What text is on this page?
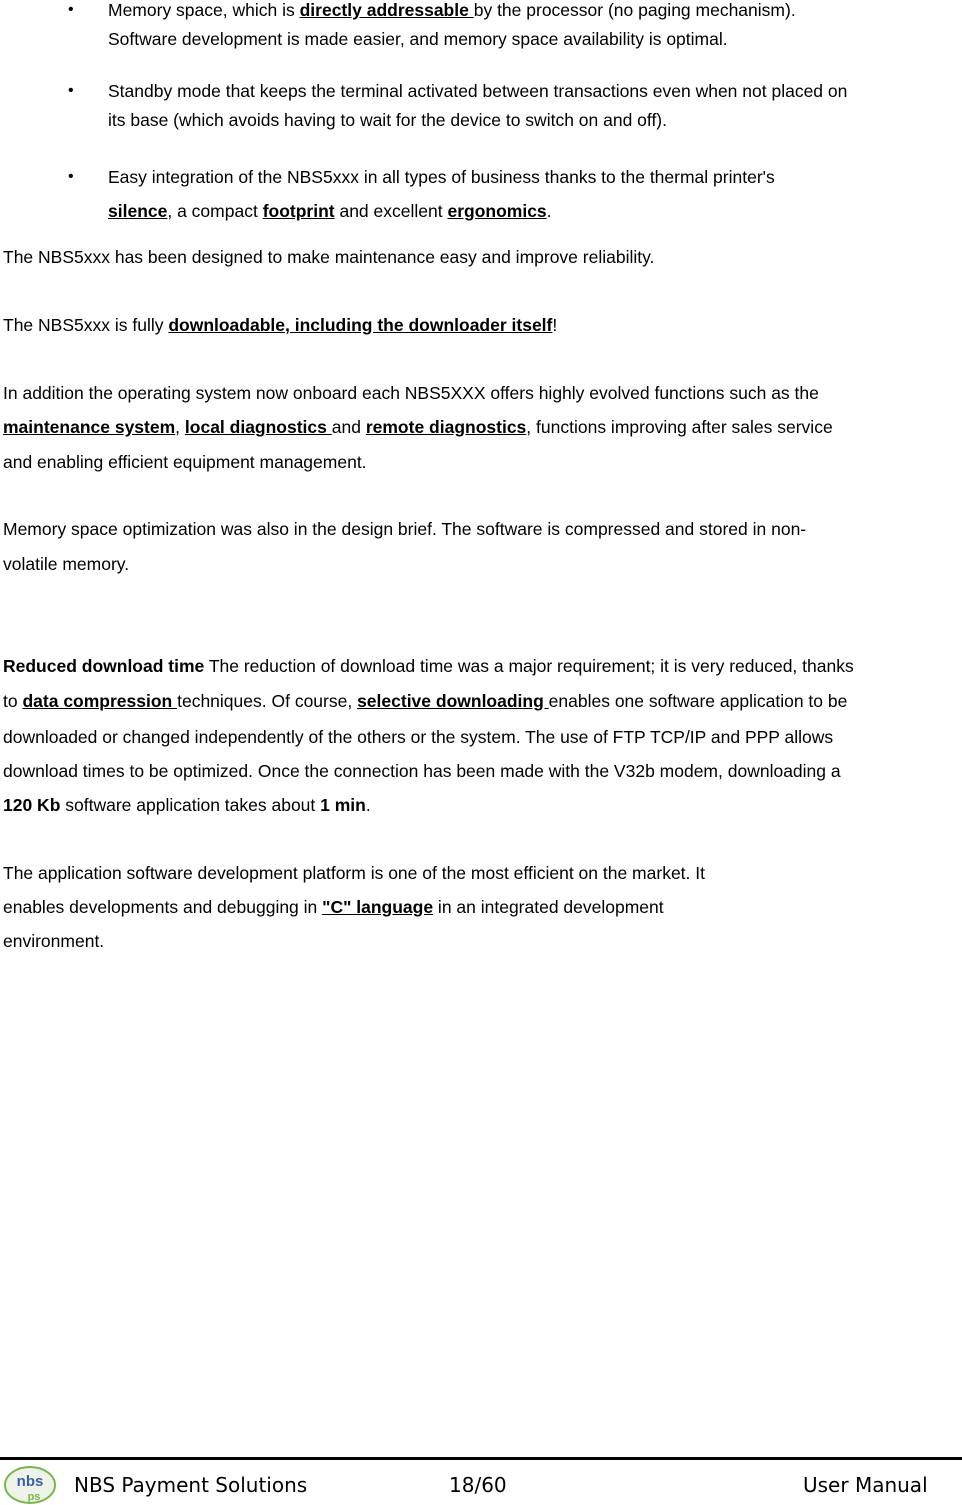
• Memory space, which is directly addressable by the processor (no paging mechanism).
Software development is made easier, and memory space availability is optimal.
• Standby mode that keeps the terminal activated between transactions even when not placed on
its base (which avoids having to wait for the device to switch on and off).
• Easy integration of the NBS5xxx in all types of business thanks to the thermal printer's
silence, a compact footprint and excellent ergonomics.
The NBS5xxx has been designed to make maintenance easy and improve reliability.
The NBS5xxx is fully downloadable, including the downloader itself!
In addition the operating system now onboard each NBS5XXX offers highly evolved functions such as the
maintenance system, local diagnostics and remote diagnostics, functions improving after sales service
and enabling efficient equipment management.
Memory space optimization was also in the design brief. The software is compressed and stored in non-
volatile memory.
Reduced download time The reduction of download time was a major requirement; it is very reduced, thanks
to data compression techniques. Of course, selective downloading enables one software application to be
downloaded or changed independently of the others or the system. The use of FTP TCP/IP and PPP allows
download times to be optimized. Once the connection has been made with the V32b modem, downloading a
120 Kb software application takes about 1 min.
The application software development platform is one of the most efficient on the market. It
enables developments and debugging in "C" language in an integrated development
environment.
nbs
ps NBS Payment Solutions	18/60	User Manual
